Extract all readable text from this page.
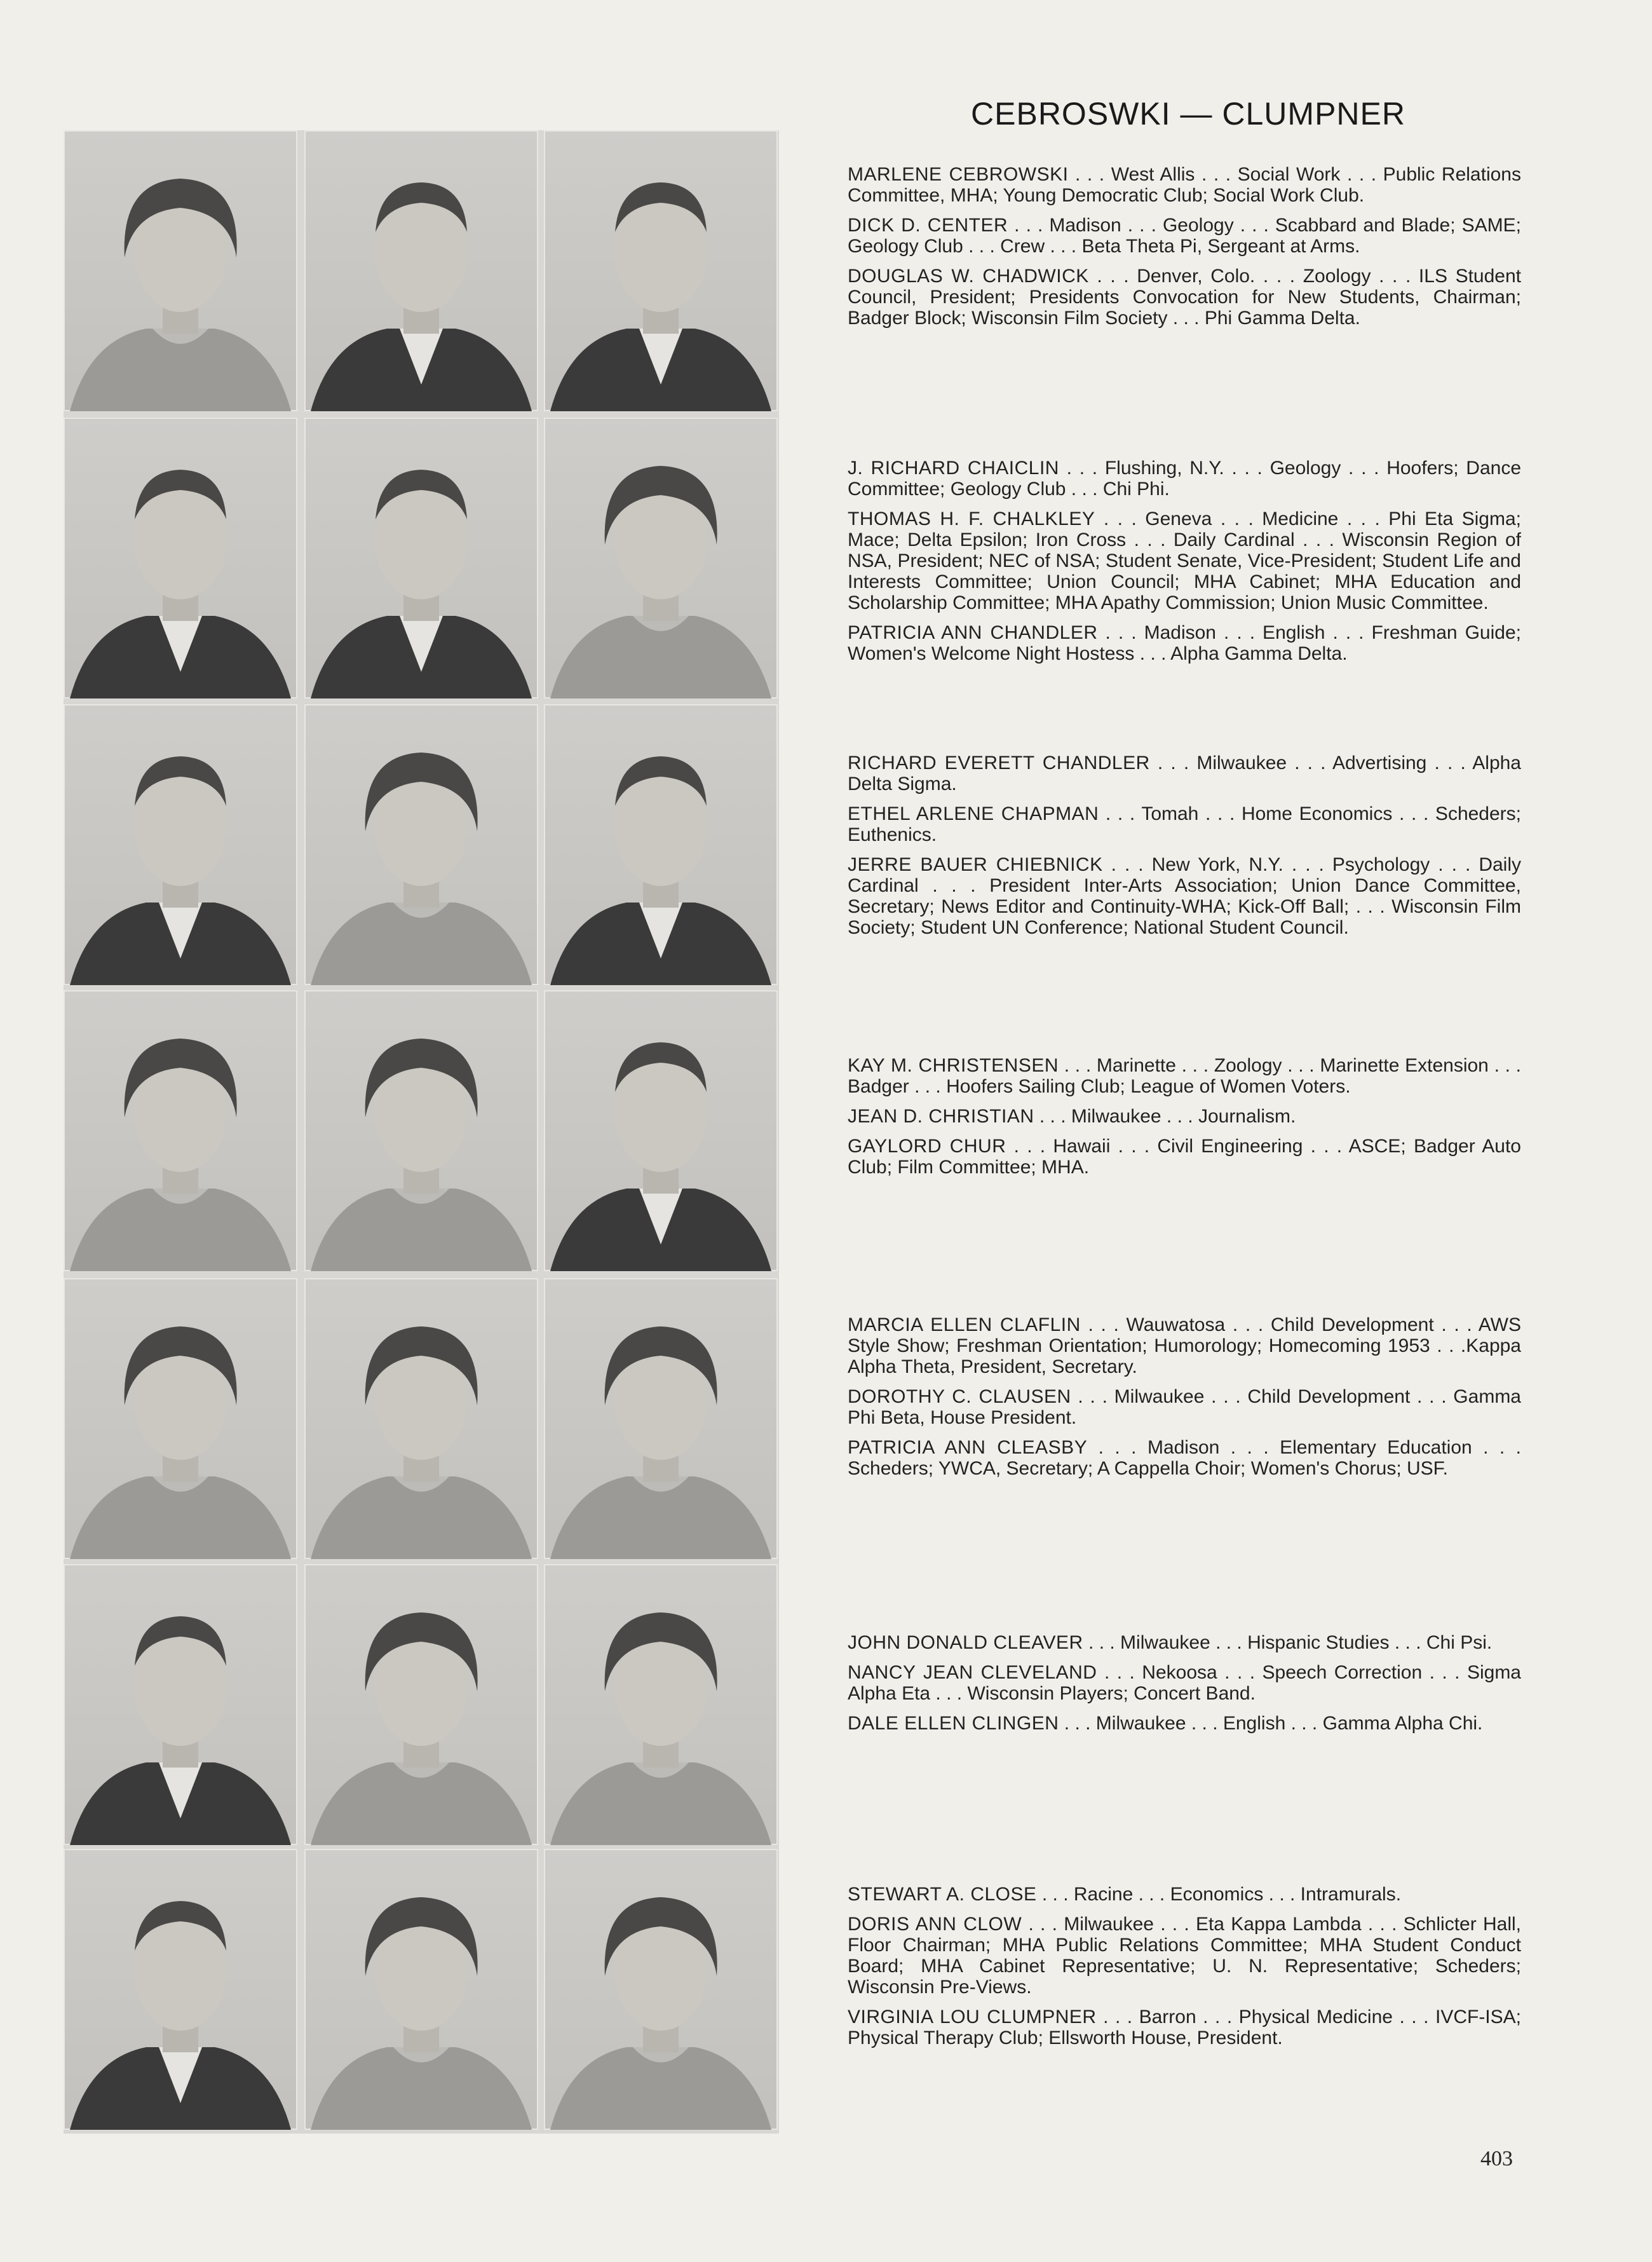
CEBROSWKI — CLUMPNER

MARLENE CEBROWSKI . . . West Allis . . . Social Work . . . Public Relations Committee, MHA; Young Democratic Club; Social Work Club.

DICK D. CENTER . . . Madison . . . Geology . . . Scabbard and Blade; SAME; Geology Club . . . Crew . . . Beta Theta Pi, Sergeant at Arms.

DOUGLAS W. CHADWICK . . . Denver, Colo. . . . Zoology . . . ILS Student Council, President; Presidents Convocation for New Students, Chairman; Badger Block; Wisconsin Film Society . . . Phi Gamma Delta.

J. RICHARD CHAICLIN . . . Flushing, N.Y. . . . Geology . . . Hoofers; Dance Committee; Geology Club . . . Chi Phi.

THOMAS H. F. CHALKLEY . . . Geneva . . . Medicine . . . Phi Eta Sigma; Mace; Delta Epsilon; Iron Cross . . . Daily Cardinal . . . Wisconsin Region of NSA, President; NEC of NSA; Student Senate, Vice-President; Student Life and Interests Committee; Union Council; MHA Cabinet; MHA Education and Scholarship Committee; MHA Apathy Commission; Union Music Committee.

PATRICIA ANN CHANDLER . . . Madison . . . English . . . Freshman Guide; Women's Welcome Night Hostess . . . Alpha Gamma Delta.

RICHARD EVERETT CHANDLER . . . Milwaukee . . . Advertising . . . Alpha Delta Sigma.

ETHEL ARLENE CHAPMAN . . . Tomah . . . Home Economics . . . Scheders; Euthenics.

JERRE BAUER CHIEBNICK . . . New York, N.Y. . . . Psychology . . . Daily Cardinal . . . President Inter-Arts Association; Union Dance Committee, Secretary; News Editor and Continuity-WHA; Kick-Off Ball; . . . Wisconsin Film Society; Student UN Conference; National Student Council.

KAY M. CHRISTENSEN . . . Marinette . . . Zoology . . . Marinette Extension . . . Badger . . . Hoofers Sailing Club; League of Women Voters.

JEAN D. CHRISTIAN . . . Milwaukee . . . Journalism.

GAYLORD CHUR . . . Hawaii . . . Civil Engineering . . . ASCE; Badger Auto Club; Film Committee; MHA.

MARCIA ELLEN CLAFLIN . . . Wauwatosa . . . Child Development . . . AWS Style Show; Freshman Orientation; Humorology; Homecoming 1953 . . .Kappa Alpha Theta, President, Secretary.

DOROTHY C. CLAUSEN . . . Milwaukee . . . Child Development . . . Gamma Phi Beta, House President.

PATRICIA ANN CLEASBY . . . Madison . . . Elementary Education . . . Scheders; YWCA, Secretary; A Cappella Choir; Women's Chorus; USF.

JOHN DONALD CLEAVER . . . Milwaukee . . . Hispanic Studies . . . Chi Psi.

NANCY JEAN CLEVELAND . . . Nekoosa . . . Speech Correction . . . Sigma Alpha Eta . . . Wisconsin Players; Concert Band.

DALE ELLEN CLINGEN . . . Milwaukee . . . English . . . Gamma Alpha Chi.

STEWART A. CLOSE . . . Racine . . . Economics . . . Intramurals.

DORIS ANN CLOW . . . Milwaukee . . . Eta Kappa Lambda . . . Schlicter Hall, Floor Chairman; MHA Public Relations Committee; MHA Student Conduct Board; MHA Cabinet Representative; U. N. Representative; Scheders; Wisconsin Pre-Views.

VIRGINIA LOU CLUMPNER . . . Barron . . . Physical Medicine . . . IVCF-ISA; Physical Therapy Club; Ellsworth House, President.

403
